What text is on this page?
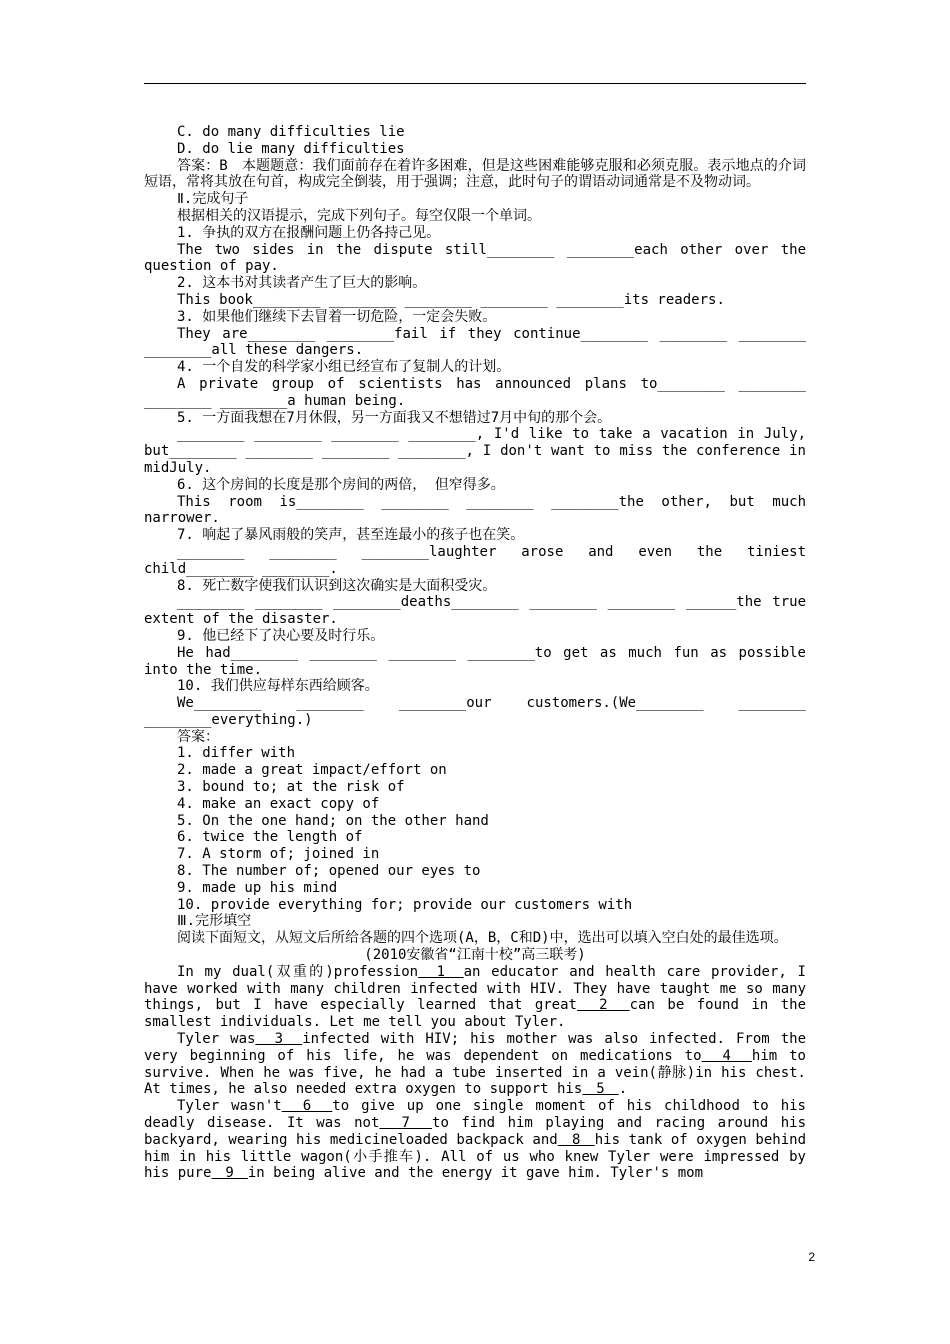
C. do many difficulties lie

D. do lie many difficulties

答案：B　本题题意：我们面前存在着许多困难，但是这些困难能够克服和必须克服。表示地点的介词短语，常将其放在句首，构成完全倒装，用于强调；注意，此时句子的谓语动词通常是不及物动词。

Ⅱ.完成句子

根据相关的汉语提示，完成下列句子。每空仅限一个单词。

1. 争执的双方在报酬问题上仍各持己见。

The two sides in the dispute still________ ________each other over the question of pay.

2. 这本书对其读者产生了巨大的影响。

This book________ ________ ________ ________ ________its readers.

3. 如果他们继续下去冒着一切危险，一定会失败。

They are________ ________fail if they continue________ ________ ________ ________all these dangers.

4. 一个自发的科学家小组已经宣布了复制人的计划。

A private group of scientists has announced plans to________ ________ ________ ________a human being.

5. 一方面我想在7月休假，另一方面我又不想错过7月中旬的那个会。

________ ________ ________ ________, I'd like to take a vacation in July, but________ ________ ________ ________, I don't want to miss the conference in midJuly.

6. 这个房间的长度是那个房间的两倍， 但窄得多。

This room is________ ________ ________ ________the other, but much narrower.

7. 响起了暴风雨般的笑声，甚至连最小的孩子也在笑。

________ ________ ________laughter arose and even the tiniest child________ ________.

8. 死亡数字使我们认识到这次确实是大面积受灾。

________ ________ ________deaths________ ________ ________ ______the true extent of the disaster.

9. 他已经下了决心要及时行乐。

He had________ ________ ________ ________to get as much fun as possible into the time.

10. 我们供应每样东西给顾客。

We________ ________ ________our customers.(We________ ________ ________everything.)

答案：

1. differ with

2. made a great impact/effort on

3. bound to; at the risk of

4. make an exact copy of

5. On the one hand; on the other hand

6. twice the length of

7. A storm of; joined in

8. The number of; opened our eyes to

9. made up his mind

10. provide everything for; provide our customers with

Ⅲ.完形填空

阅读下面短文，从短文后所给各题的四个选项(A，B，C和D)中，选出可以填入空白处的最佳选项。

(2010安徽省“江南十校”高三联考)

In my dual(双重的)profession　1　an educator and health care provider, I have worked with many children infected with HIV. They have taught me so many things, but I have especially learned that great　2　can be found in the smallest individuals. Let me tell you about Tyler.

Tyler was　3　infected with HIV; his mother was also infected. From the very beginning of his life, he was dependent on medications to　4　him to survive. When he was five, he had a tube inserted in a vein(静脉)in his chest. At times, he also needed extra oxygen to support his　5　.

Tyler wasn't　6　to give up one single moment of his childhood to his deadly disease. It was not　7　to find him playing and racing around his backyard, wearing his medicineloaded backpack and　8　his tank of oxygen behind him in his little wagon(小手推车). All of us who knew Tyler were impressed by his pure　9　in being alive and the energy it gave him. Tyler's mom

2
